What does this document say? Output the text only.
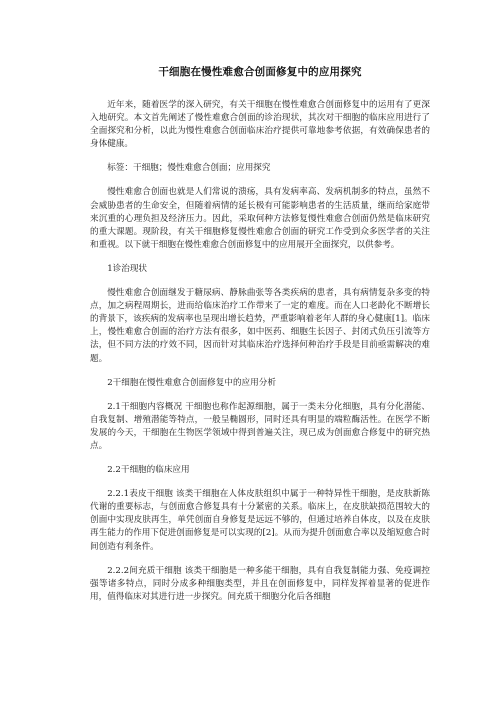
干细胞在慢性难愈合创面修复中的应用探究

近年来，随着医学的深入研究，有关干细胞在慢性难愈合创面修复中的运用有了更深入地研究。本文首先阐述了慢性难愈合创面的诊治现状，其次对干细胞的临床应用进行了全面探究和分析，以此为慢性难愈合创面临床治疗提供可靠地参考依据，有效确保患者的身体健康。

标签：干细胞；慢性难愈合创面；应用探究

慢性难愈合创面也就是人们常说的溃疡，具有发病率高、发病机制多的特点，虽然不会威胁患者的生命安全，但随着病情的延长极有可能影响患者的生活质量，继而给家庭带来沉重的心理负担及经济压力。因此，采取何种方法修复慢性难愈合创面仍然是临床研究的重大课题。现阶段，有关干细胞修复慢性难愈合创面的研究工作受到众多医学者的关注和重视。以下就干细胞在慢性难愈合创面修复中的应用展开全面探究，以供参考。

1诊治现状

慢性难愈合创面继发于糖尿病、静脉曲张等各类疾病的患者，具有病情复杂多变的特点，加之病程周期长，进而给临床治疗工作带来了一定的难度。而在人口老龄化不断增长的背景下，该疾病的发病率也呈现出增长趋势，严重影响着老年人群的身心健康[1]。临床上，慢性难愈合创面的治疗方法有很多，如中医药、细胞生长因子、封闭式负压引流等方法，但不同方法的疗效不同，因而针对其临床治疗选择何种治疗手段是目前亟需解决的难题。

2干细胞在慢性难愈合创面修复中的应用分析

2.1干细胞内容概况 干细胞也称作起源细胞，属于一类未分化细胞，具有分化潜能、自我复制、增殖潜能等特点，一般呈椭圆形，同时还具有明显的端粒酶活性。在医学不断发展的今天，干细胞在生物医学领域中得到普遍关注，现已成为创面愈合修复中的研究热点。

2.2干细胞的临床应用

2.2.1表皮干细胞 该类干细胞在人体皮肤组织中属于一种特异性干细胞，是皮肤新陈代谢的重要标志，与创面愈合修复具有十分紧密的关系。临床上，在皮肤缺损范围较大的创面中实现皮肤再生，单凭创面自身修复是远远不够的，但通过培养自体皮，以及在皮肤再生能力的作用下促进创面修复是可以实现的[2]。从而为提升创面愈合率以及缩短愈合时间创造有利条件。

2.2.2间充质干细胞 该类干细胞是一种多能干细胞，具有自我复制能力强、免疫调控强等诸多特点，同时分成多种细胞类型，并且在创面修复中，同样发挥着显著的促进作用，值得临床对其进行进一步探究。间充质干细胞分化后各细胞
